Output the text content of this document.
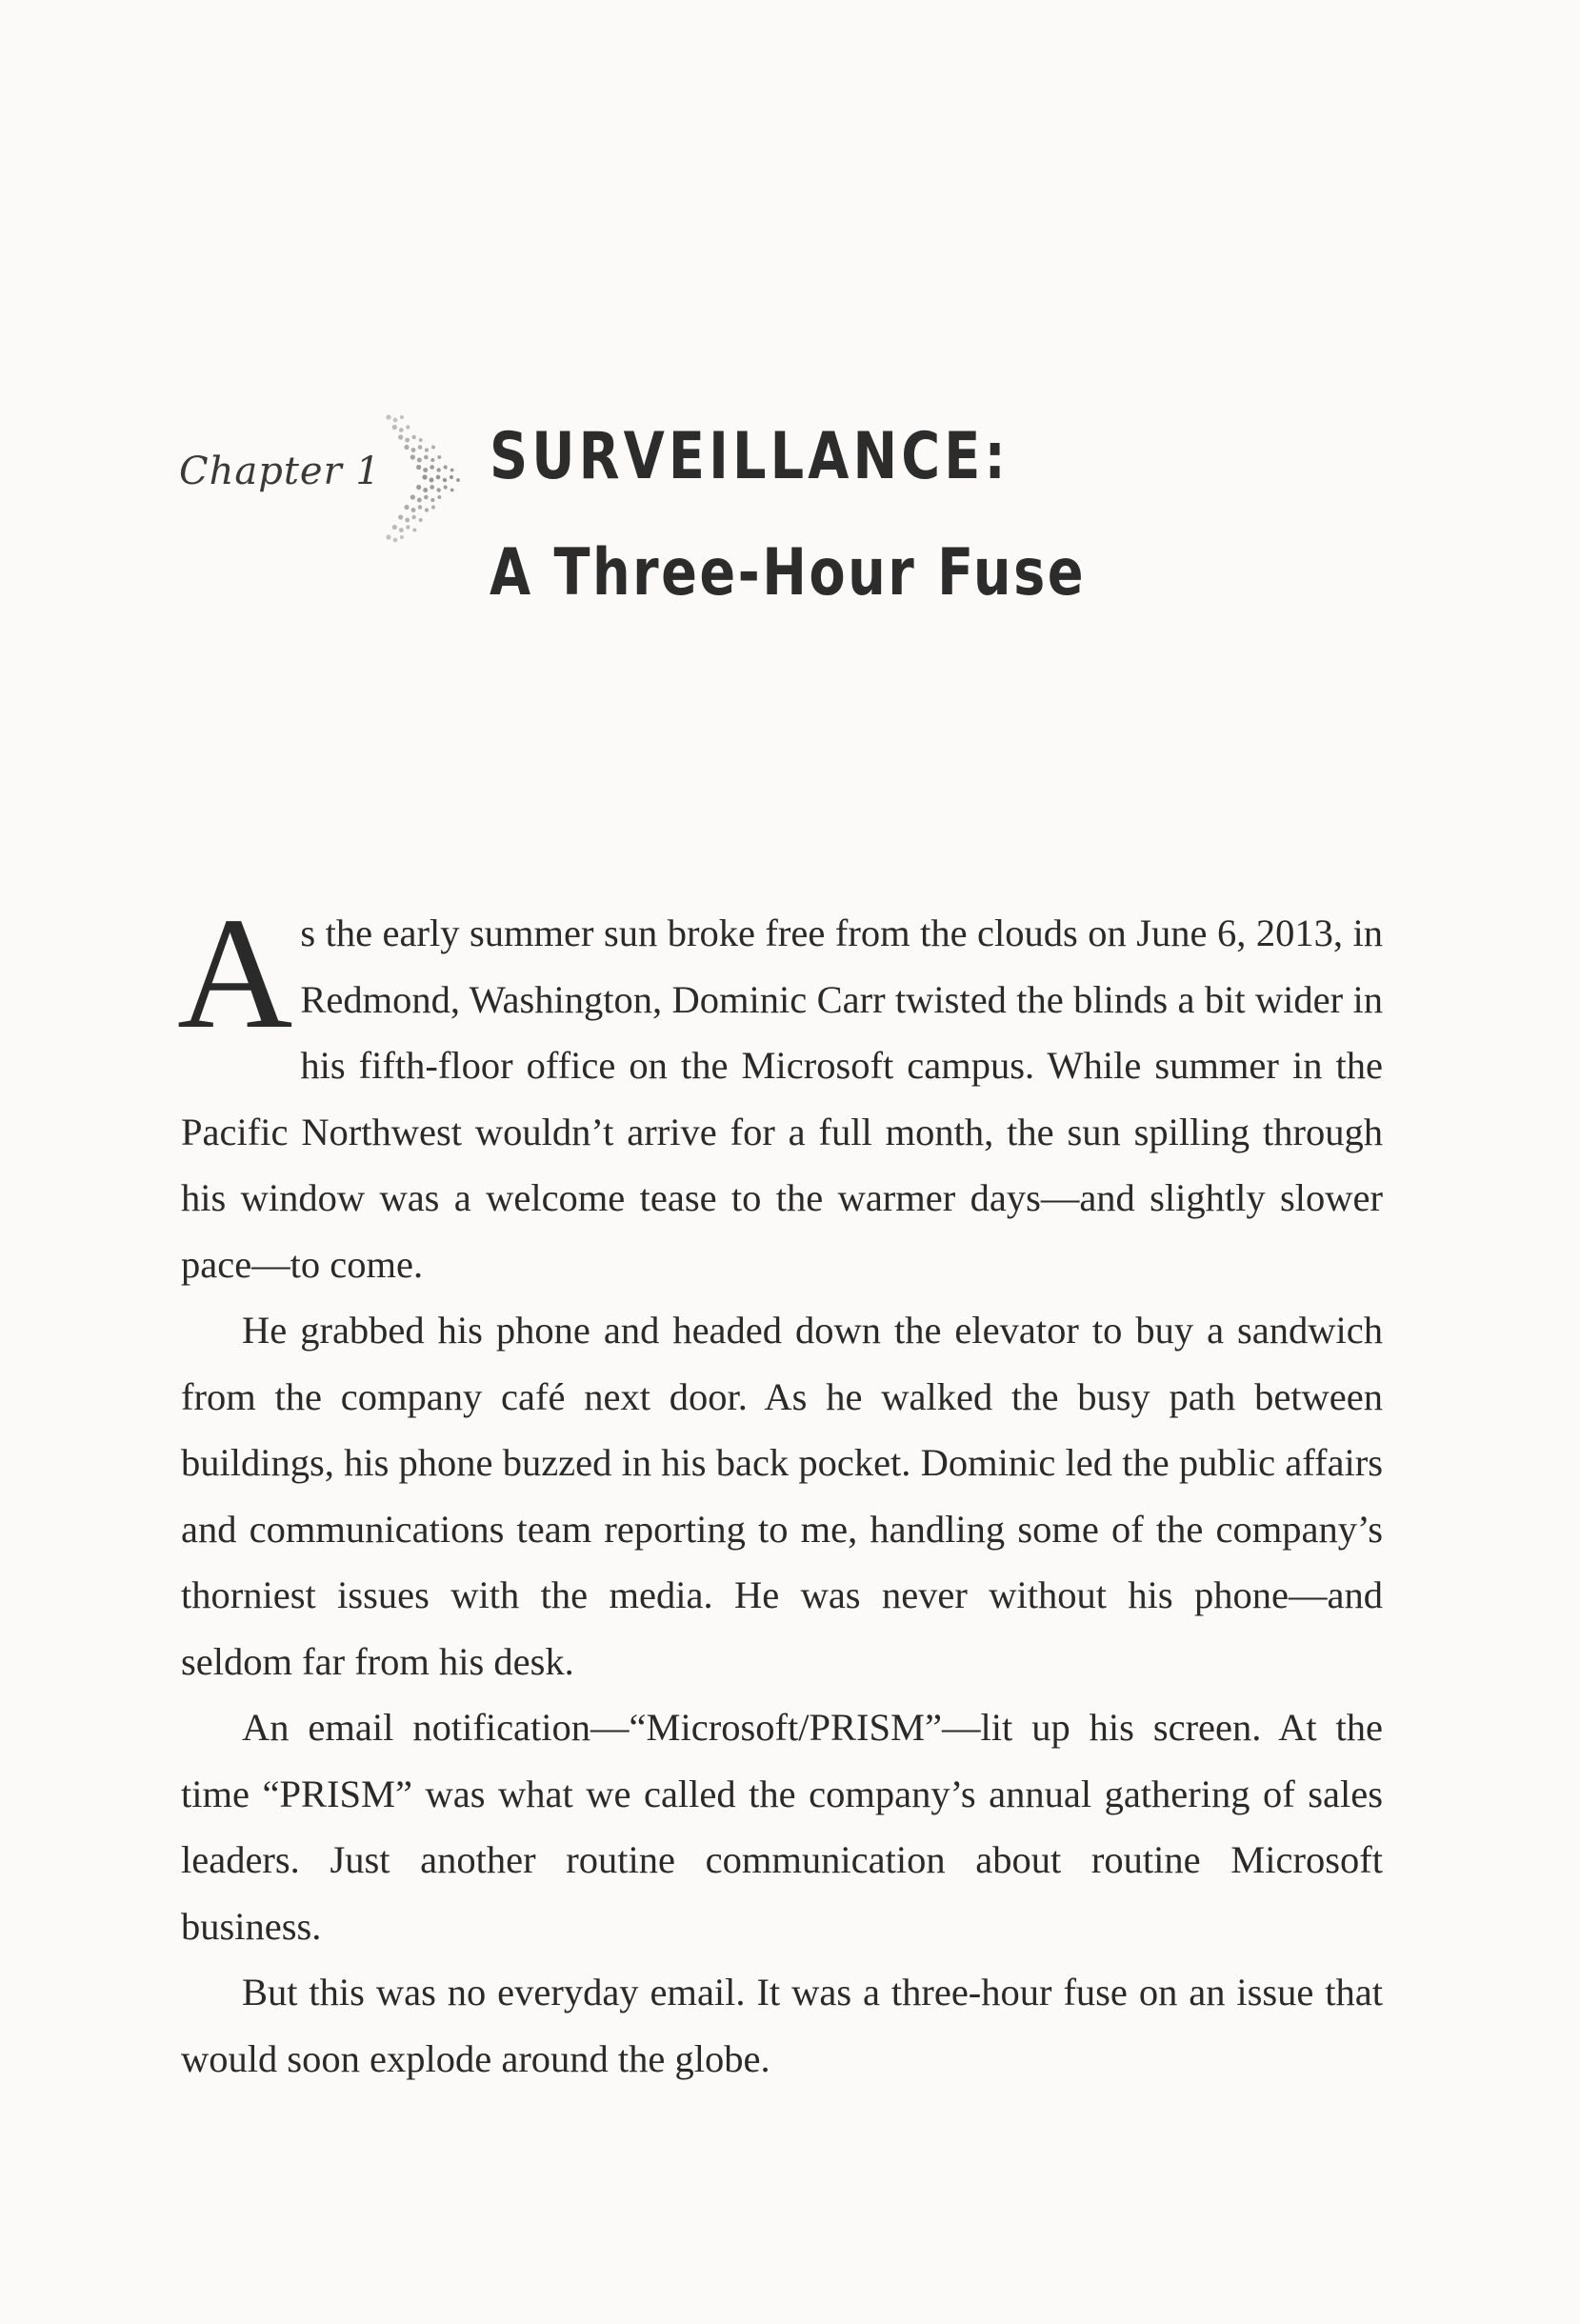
Chapter 1 SURVEILLANCE:
A Three-Hour Fuse

As the early summer sun broke free from the clouds on June 6, 2013, in Redmond, Washington, Dominic Carr twisted the blinds a bit wider in his fifth-floor office on the Microsoft campus. While summer in the Pacific Northwest wouldn’t arrive for a full month, the sun spilling through his window was a welcome tease to the warmer days—and slightly slower pace—to come.

He grabbed his phone and headed down the elevator to buy a sandwich from the company café next door. As he walked the busy path between buildings, his phone buzzed in his back pocket. Dominic led the public affairs and communications team reporting to me, handling some of the company’s thorniest issues with the media. He was never without his phone—and seldom far from his desk.

An email notification—“Microsoft/PRISM”—lit up his screen. At the time “PRISM” was what we called the company’s annual gathering of sales leaders. Just another routine communication about routine Microsoft business.

But this was no everyday email. It was a three-hour fuse on an issue that would soon explode around the globe.
